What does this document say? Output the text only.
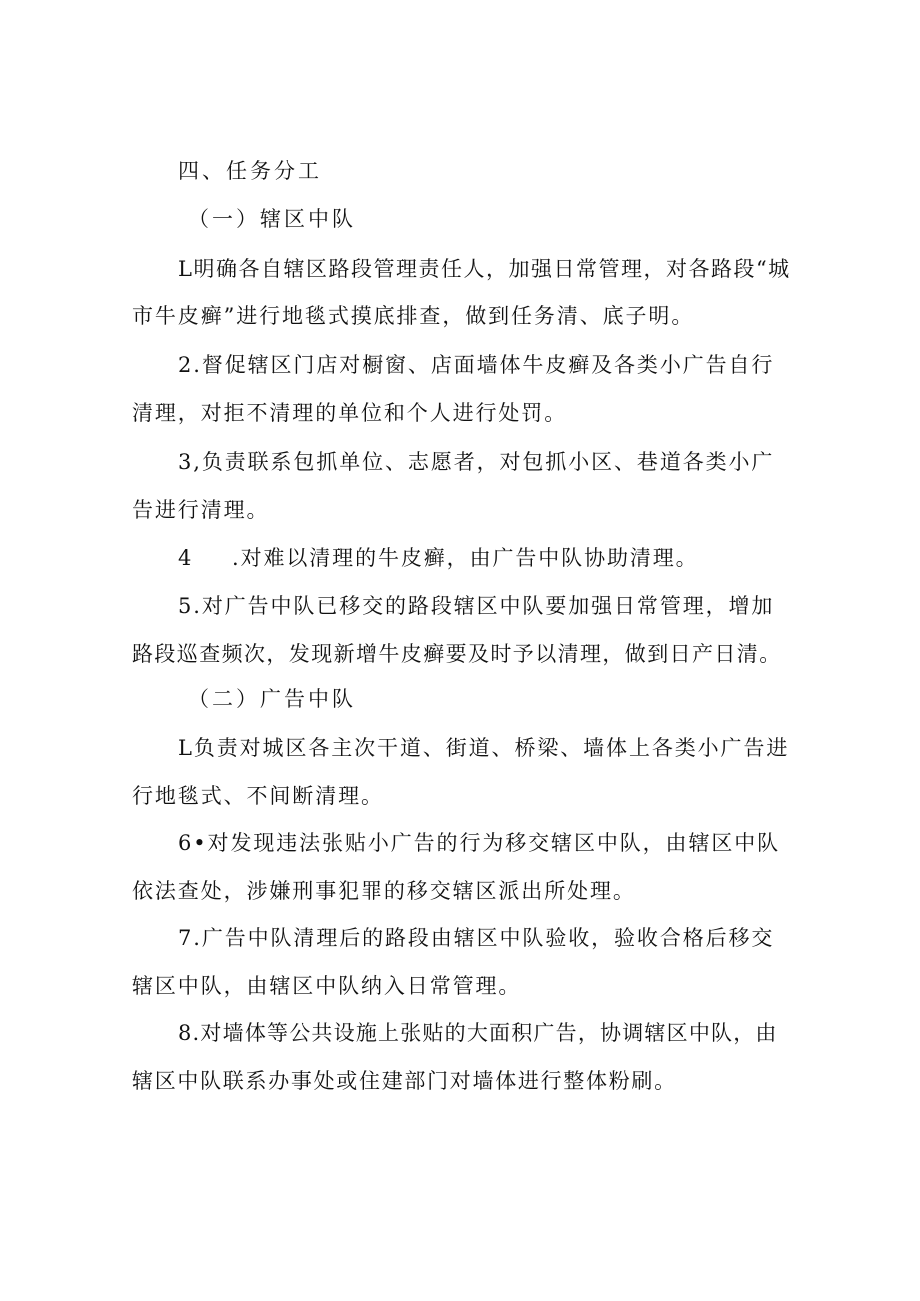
四、任务分工
（一）辖区中队
L明确各自辖区路段管理责任人，加强日常管理，对各路段“城
市牛皮癣”进行地毯式摸底排查，做到任务清、底子明。
2.督促辖区门店对橱窗、店面墙体牛皮癣及各类小广告自行
清理，对拒不清理的单位和个人进行处罚。
3,负责联系包抓单位、志愿者，对包抓小区、巷道各类小广
告进行清理。
4 .对难以清理的牛皮癣，由广告中队协助清理。
5.对广告中队已移交的路段辖区中队要加强日常管理，增加
路段巡查频次，发现新增牛皮癣要及时予以清理，做到日产日清。
（二）广告中队
L负责对城区各主次干道、街道、桥梁、墙体上各类小广告进
行地毯式、不间断清理。
6•对发现违法张贴小广告的行为移交辖区中队，由辖区中队
依法查处，涉嫌刑事犯罪的移交辖区派出所处理。
7.广告中队清理后的路段由辖区中队验收，验收合格后移交
辖区中队，由辖区中队纳入日常管理。
8.对墙体等公共设施上张贴的大面积广告，协调辖区中队，由
辖区中队联系办事处或住建部门对墙体进行整体粉刷。
